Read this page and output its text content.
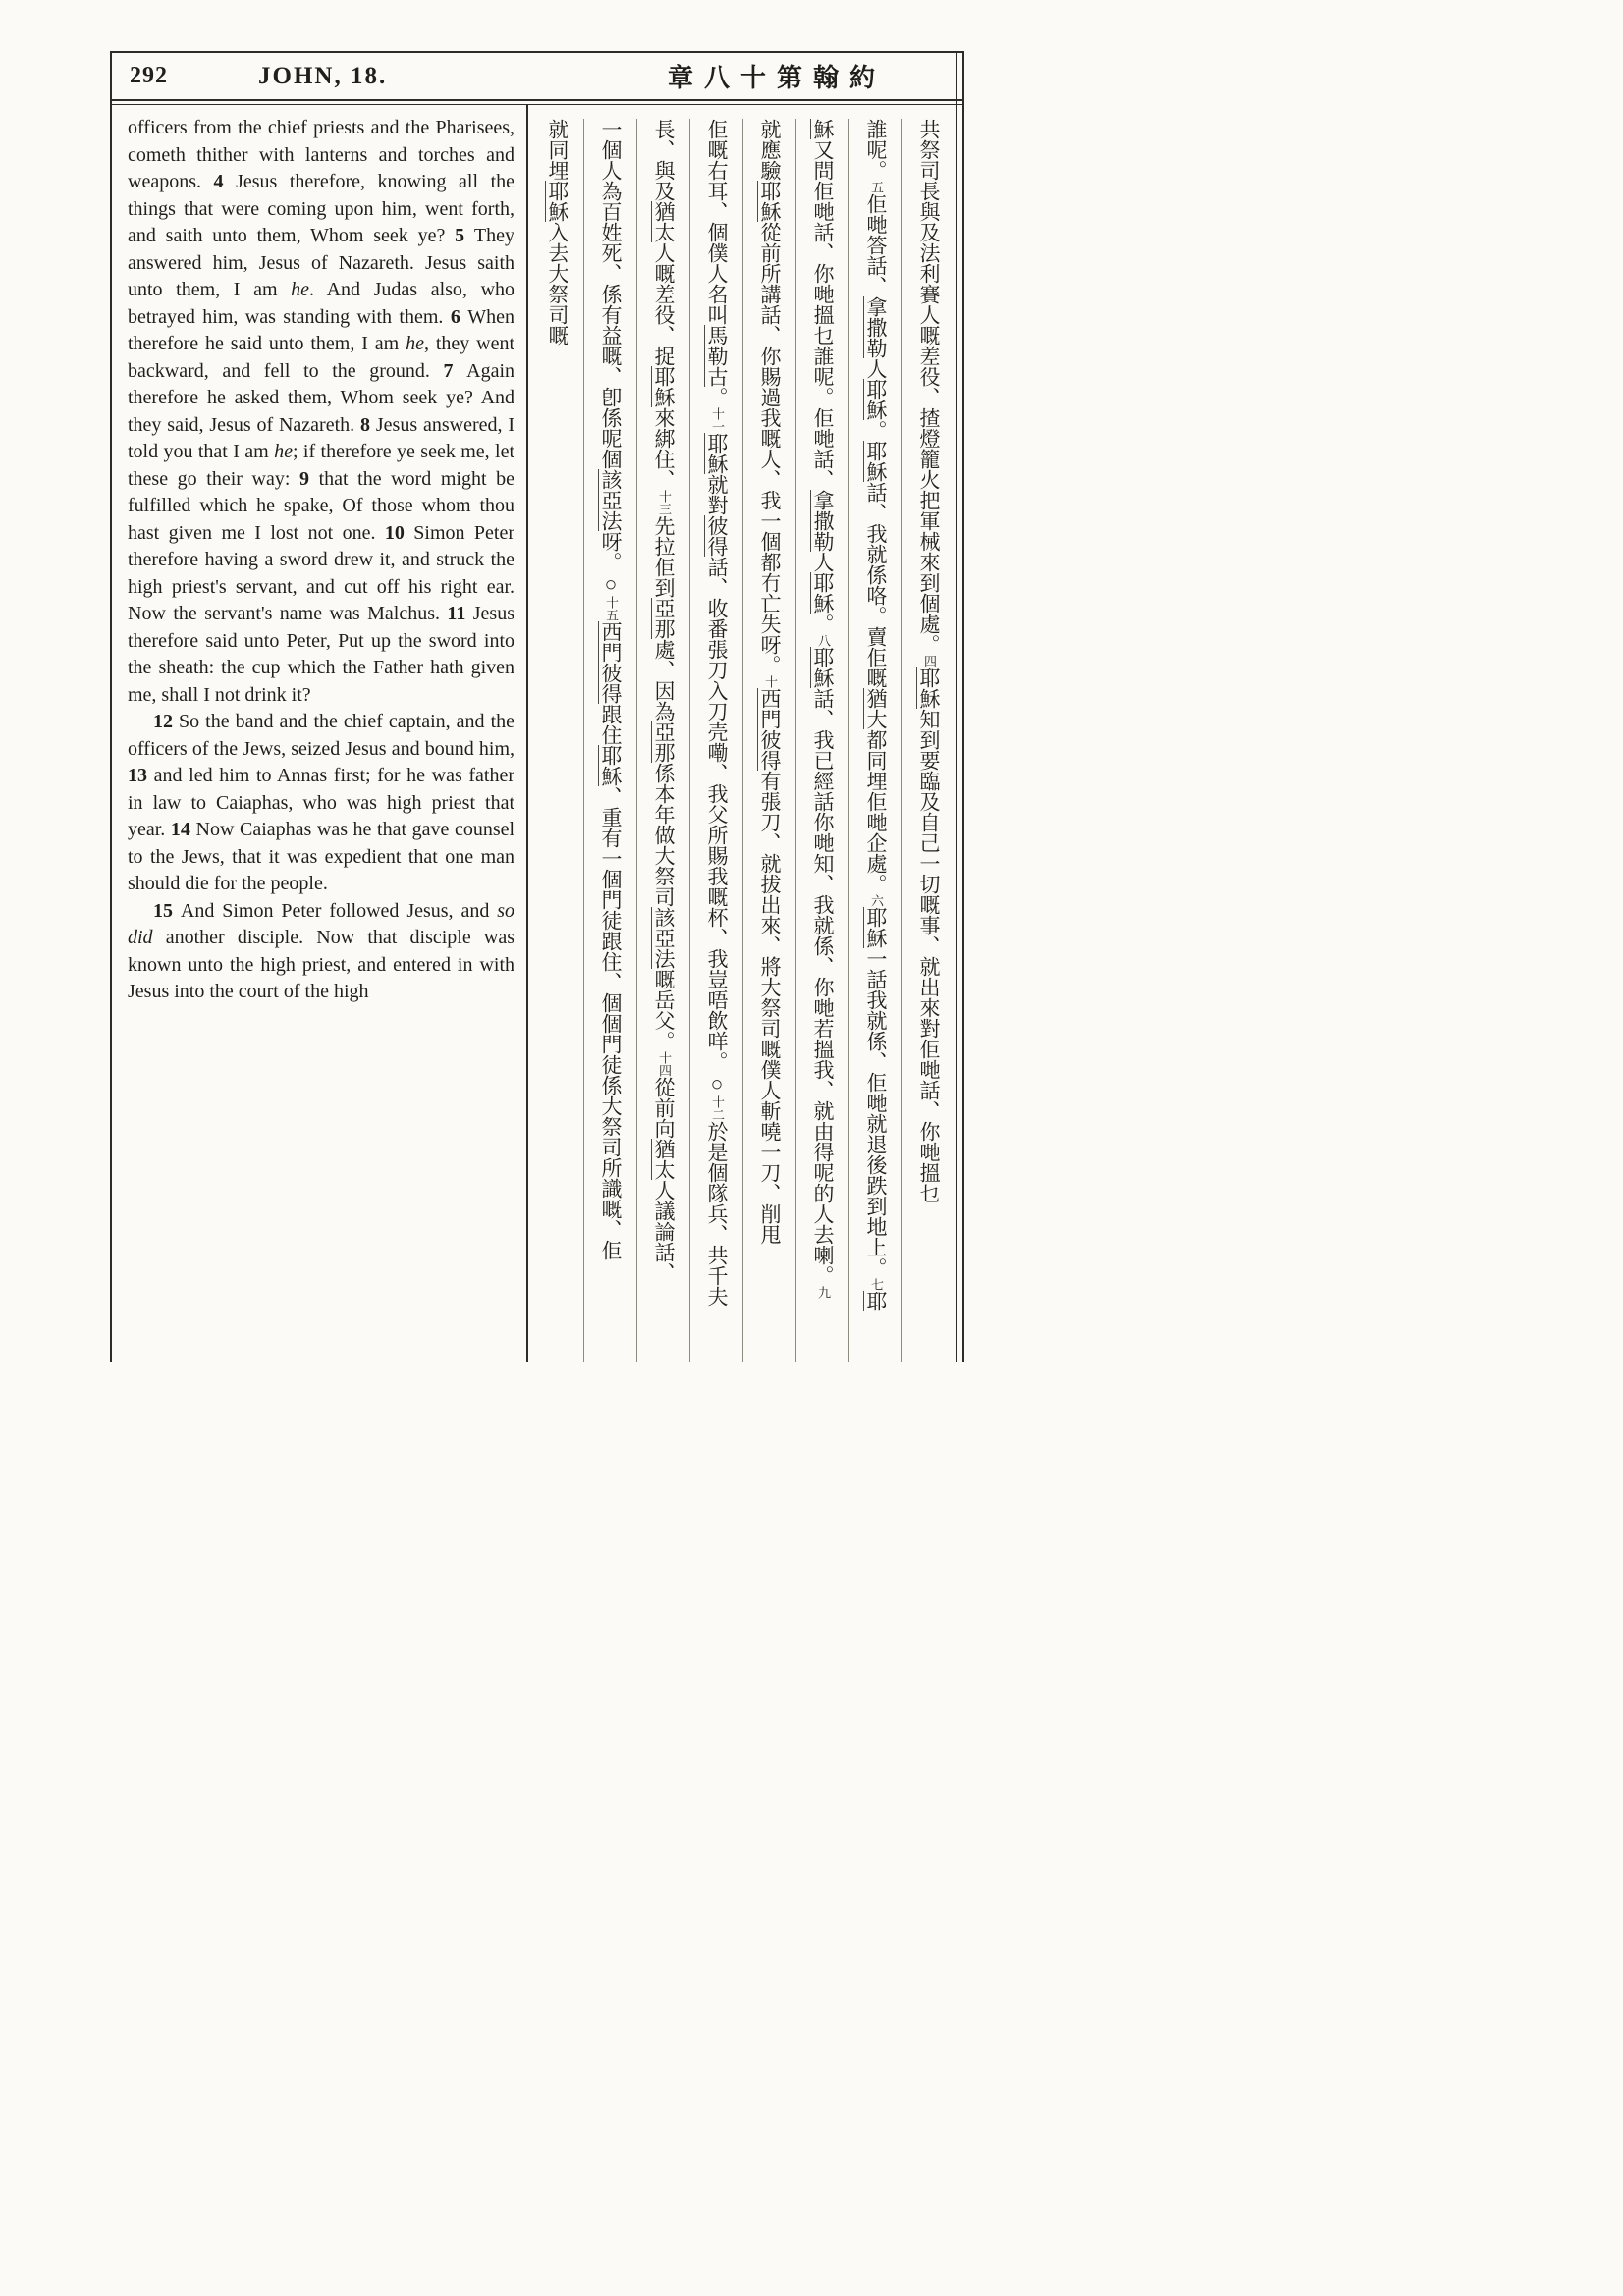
292	JOHN, 18.	章八十第翰約

officers from the chief priests and the Pharisees, cometh thither with lanterns and torches and weapons. 4 Jesus therefore, knowing all the things that were coming upon him, went forth, and saith unto them, Whom seek ye? 5 They answered him, Jesus of Nazareth. Jesus saith unto them, I am he. And Judas also, who betrayed him, was standing with them. 6 When therefore he said unto them, I am he, they went backward, and fell to the ground. 7 Again therefore he asked them, Whom seek ye? And they said, Jesus of Nazareth. 8 Jesus answered, I told you that I am he; if therefore ye seek me, let these go their way: 9 that the word might be fulfilled which he spake, Of those whom thou hast given me I lost not one. 10 Simon Peter therefore having a sword drew it, and struck the high priest's servant, and cut off his right ear. Now the servant's name was Malchus. 11 Jesus therefore said unto Peter, Put up the sword into the sheath: the cup which the Father hath given me, shall I not drink it?

12 So the band and the chief captain, and the officers of the Jews, seized Jesus and bound him, 13 and led him to Annas first; for he was father in law to Caiaphas, who was high priest that year. 14 Now Caiaphas was he that gave counsel to the Jews, that it was expedient that one man should die for the people.

15 And Simon Peter followed Jesus, and so did another disciple. Now that disciple was known unto the high priest, and entered in with Jesus into the court of the high

共祭司長與及法利賽人嘅差役、揸燈籠火把軍械來到個處。四耶穌知到要臨及自己一切嘅事、就出來對佢哋話、你哋搵乜
誰呢。五佢哋答話、拿撒勒人耶穌。耶穌話、我就係咯。賣佢嘅猶大都同埋佢哋企處。六耶穌一話我就係、佢哋就退後跌到地上。七耶
穌又問佢哋話、你哋搵乜誰呢。佢哋話、拿撒勒人耶穌。八耶穌話、我已經話你哋知、我就係、你哋若搵我、就由得呢的人去喇。九
就應驗耶穌從前所講話、你賜過我嘅人、我一個都冇亡失呀。十西門彼得有張刀、就拔出來、將大祭司嘅僕人斬嘵一刀、削甩
佢嘅右耳、個僕人名叫馬勒古。十一耶穌就對彼得話、收番張刀入刀壳嘞、我父所賜我嘅杯、我豈唔飲咩。○十二於是個隊兵、共千夫
長、與及猶太人嘅差役、捉耶穌來綁住、十三先拉佢到亞那處、因為亞那係本年做大祭司該亞法嘅岳父。十四從前向猶太人議論話、
一個人為百姓死、係有益嘅、卽係呢個該亞法呀。○十五西門彼得跟住耶穌、重有一個門徒跟住、個個門徒係大祭司所識嘅、佢
就同埋耶穌入去大祭司嘅
